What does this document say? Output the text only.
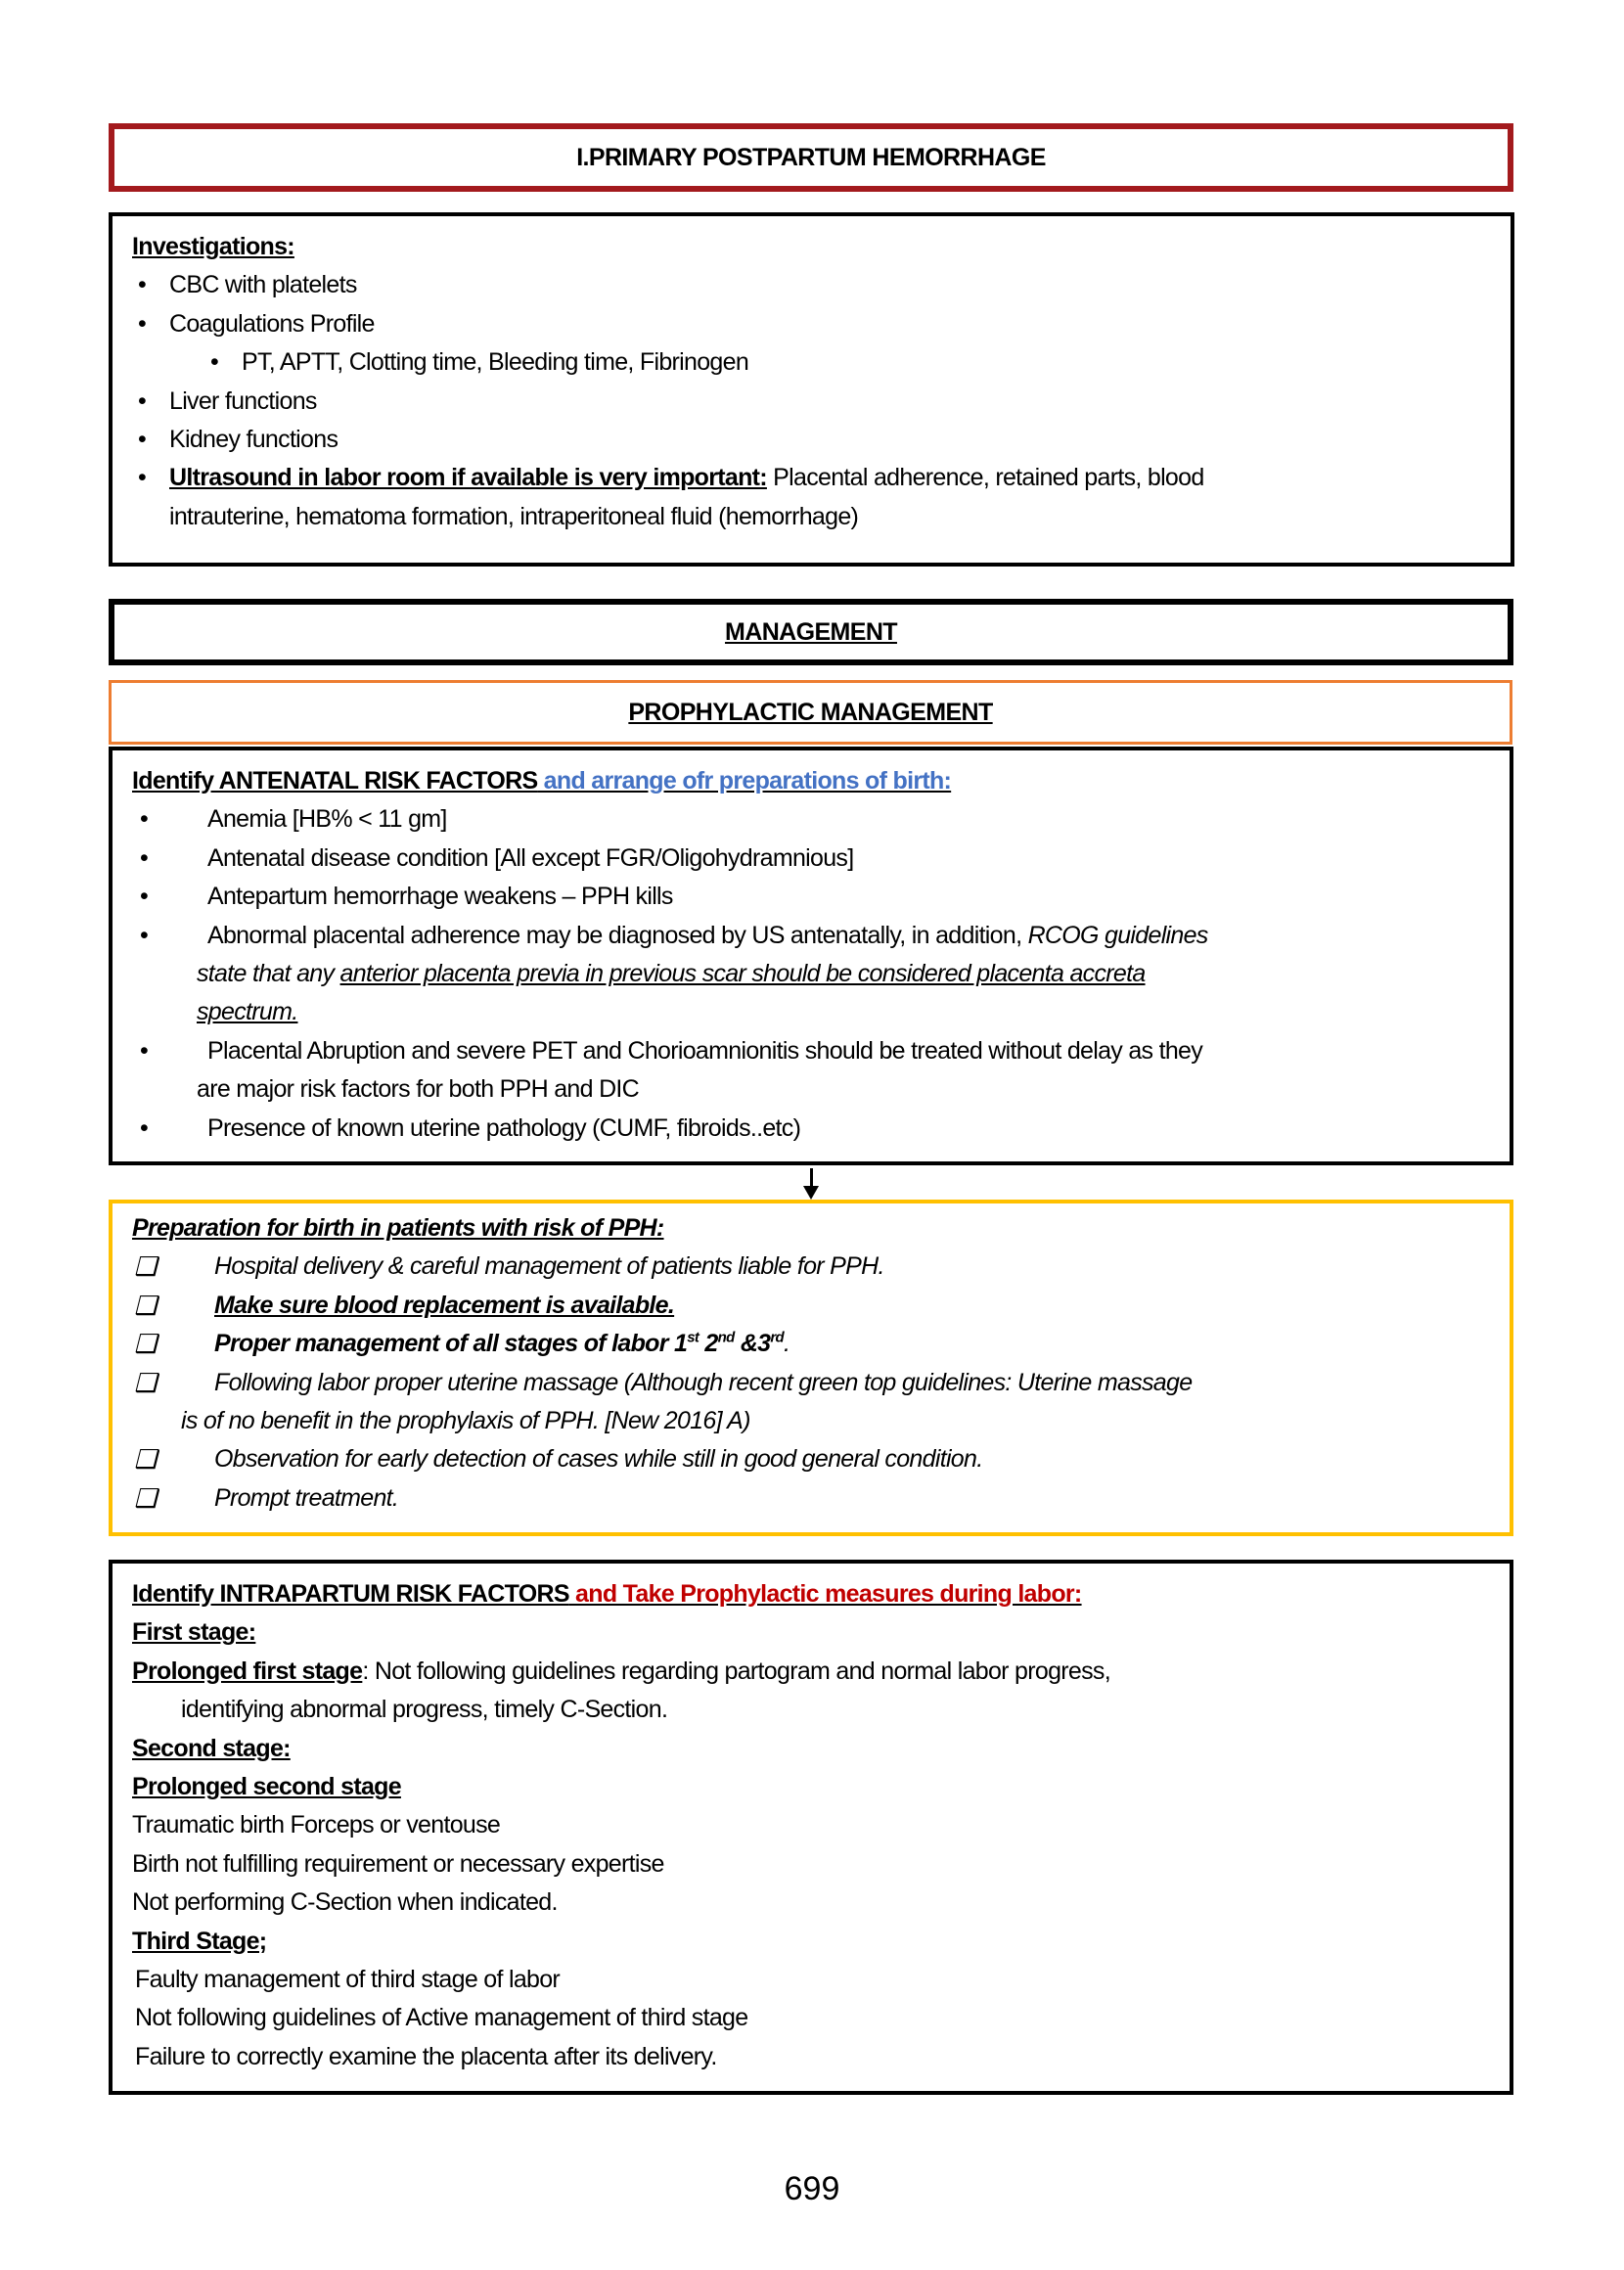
I.PRIMARY POSTPARTUM HEMORRHAGE
Investigations:
• CBC with platelets
• Coagulations Profile
• PT, APTT, Clotting time, Bleeding time, Fibrinogen
• Liver functions
• Kidney functions
• Ultrasound in labor room if available is very important: Placental adherence, retained parts, blood
intrauterine, hematoma formation, intraperitoneal fluid (hemorrhage)
MANAGEMENT
PROPHYLACTIC MANAGEMENT
Identify ANTENATAL RISK FACTORS and arrange ofr preparations of birth:
• Anemia [HB% < 11 gm]
• Antenatal disease condition [All except FGR/Oligohydramnious]
• Antepartum hemorrhage weakens – PPH kills
• Abnormal placental adherence may be diagnosed by US antenatally, in addition, RCOG guidelines
state that any anterior placenta previa in previous scar should be considered placenta accreta
spectrum.
• Placental Abruption and severe PET and Chorioamnionitis should be treated without delay as they
are major risk factors for both PPH and DIC
• Presence of known uterine pathology (CUMF, fibroids..etc)
Preparation for birth in patients with risk of PPH:
❑ Hospital delivery & careful management of patients liable for PPH.
❑ Make sure blood replacement is available.
❑ Proper management of all stages of labor 1st 2nd &3rd.
❑ Following labor proper uterine massage (Although recent green top guidelines: Uterine massage
is of no benefit in the prophylaxis of PPH. [New 2016] A)
❑ Observation for early detection of cases while still in good general condition.
❑ Prompt treatment.
Identify INTRAPARTUM RISK FACTORS and Take Prophylactic measures during labor:
First stage:
Prolonged first stage: Not following guidelines regarding partogram and normal labor progress,
identifying abnormal progress, timely C-Section.
Second stage:
Prolonged second stage
Traumatic birth Forceps or ventouse
Birth not fulfilling requirement or necessary expertise
Not performing C-Section when indicated.
Third Stage;
Faulty management of third stage of labor
Not following guidelines of Active management of third stage
Failure to correctly examine the placenta after its delivery.
699
